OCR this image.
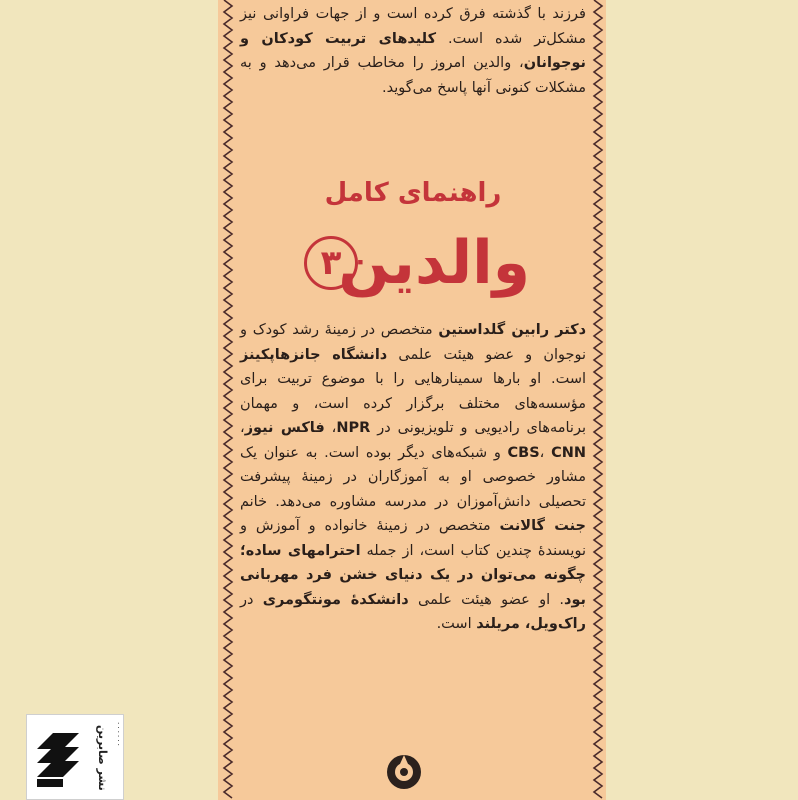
فرزند با گذشته فرق کرده است و از جهات فراوانی نیز مشکل‌تر شده است. کلیدهای تربیت کودکان و نوجوانان، والدین امروز را مخاطب قرار می‌دهد و به مشکلات کنونی آنها پاسخ می‌گوید.
راهنمای کامل
والدین
۳
دکتر رابین گلداستین متخصص در زمینهٔ رشد کودک و نوجوان و عضو هیئت علمی دانشگاه جانزهاپکینز است. او بارها سمینارهایی را با موضوع تربیت برای مؤسسه‌های مختلف برگزار کرده است، و مهمان برنامه‌های رادیویی و تلویزیونی در NPR، فاکس نیوز، CBS، CNN و شبکه‌های دیگر بوده است. به عنوان یک مشاور خصوصی او به آموزگاران در زمینهٔ پیشرفت تحصیلی دانش‌آموزان در مدرسه مشاوره می‌دهد. خانم جنت گالانت متخصص در زمینهٔ خانواده و آموزش و نویسندهٔ چندین کتاب است، از جمله احترامهای ساده؛ چگونه می‌توان در یک دنیای خشن فرد مهربانی بود. او عضو هیئت علمی دانشکدهٔ مونتگومری در راک‌ویل، مریلند است.
نشر صابرین ۰۰۰۰۰۰
